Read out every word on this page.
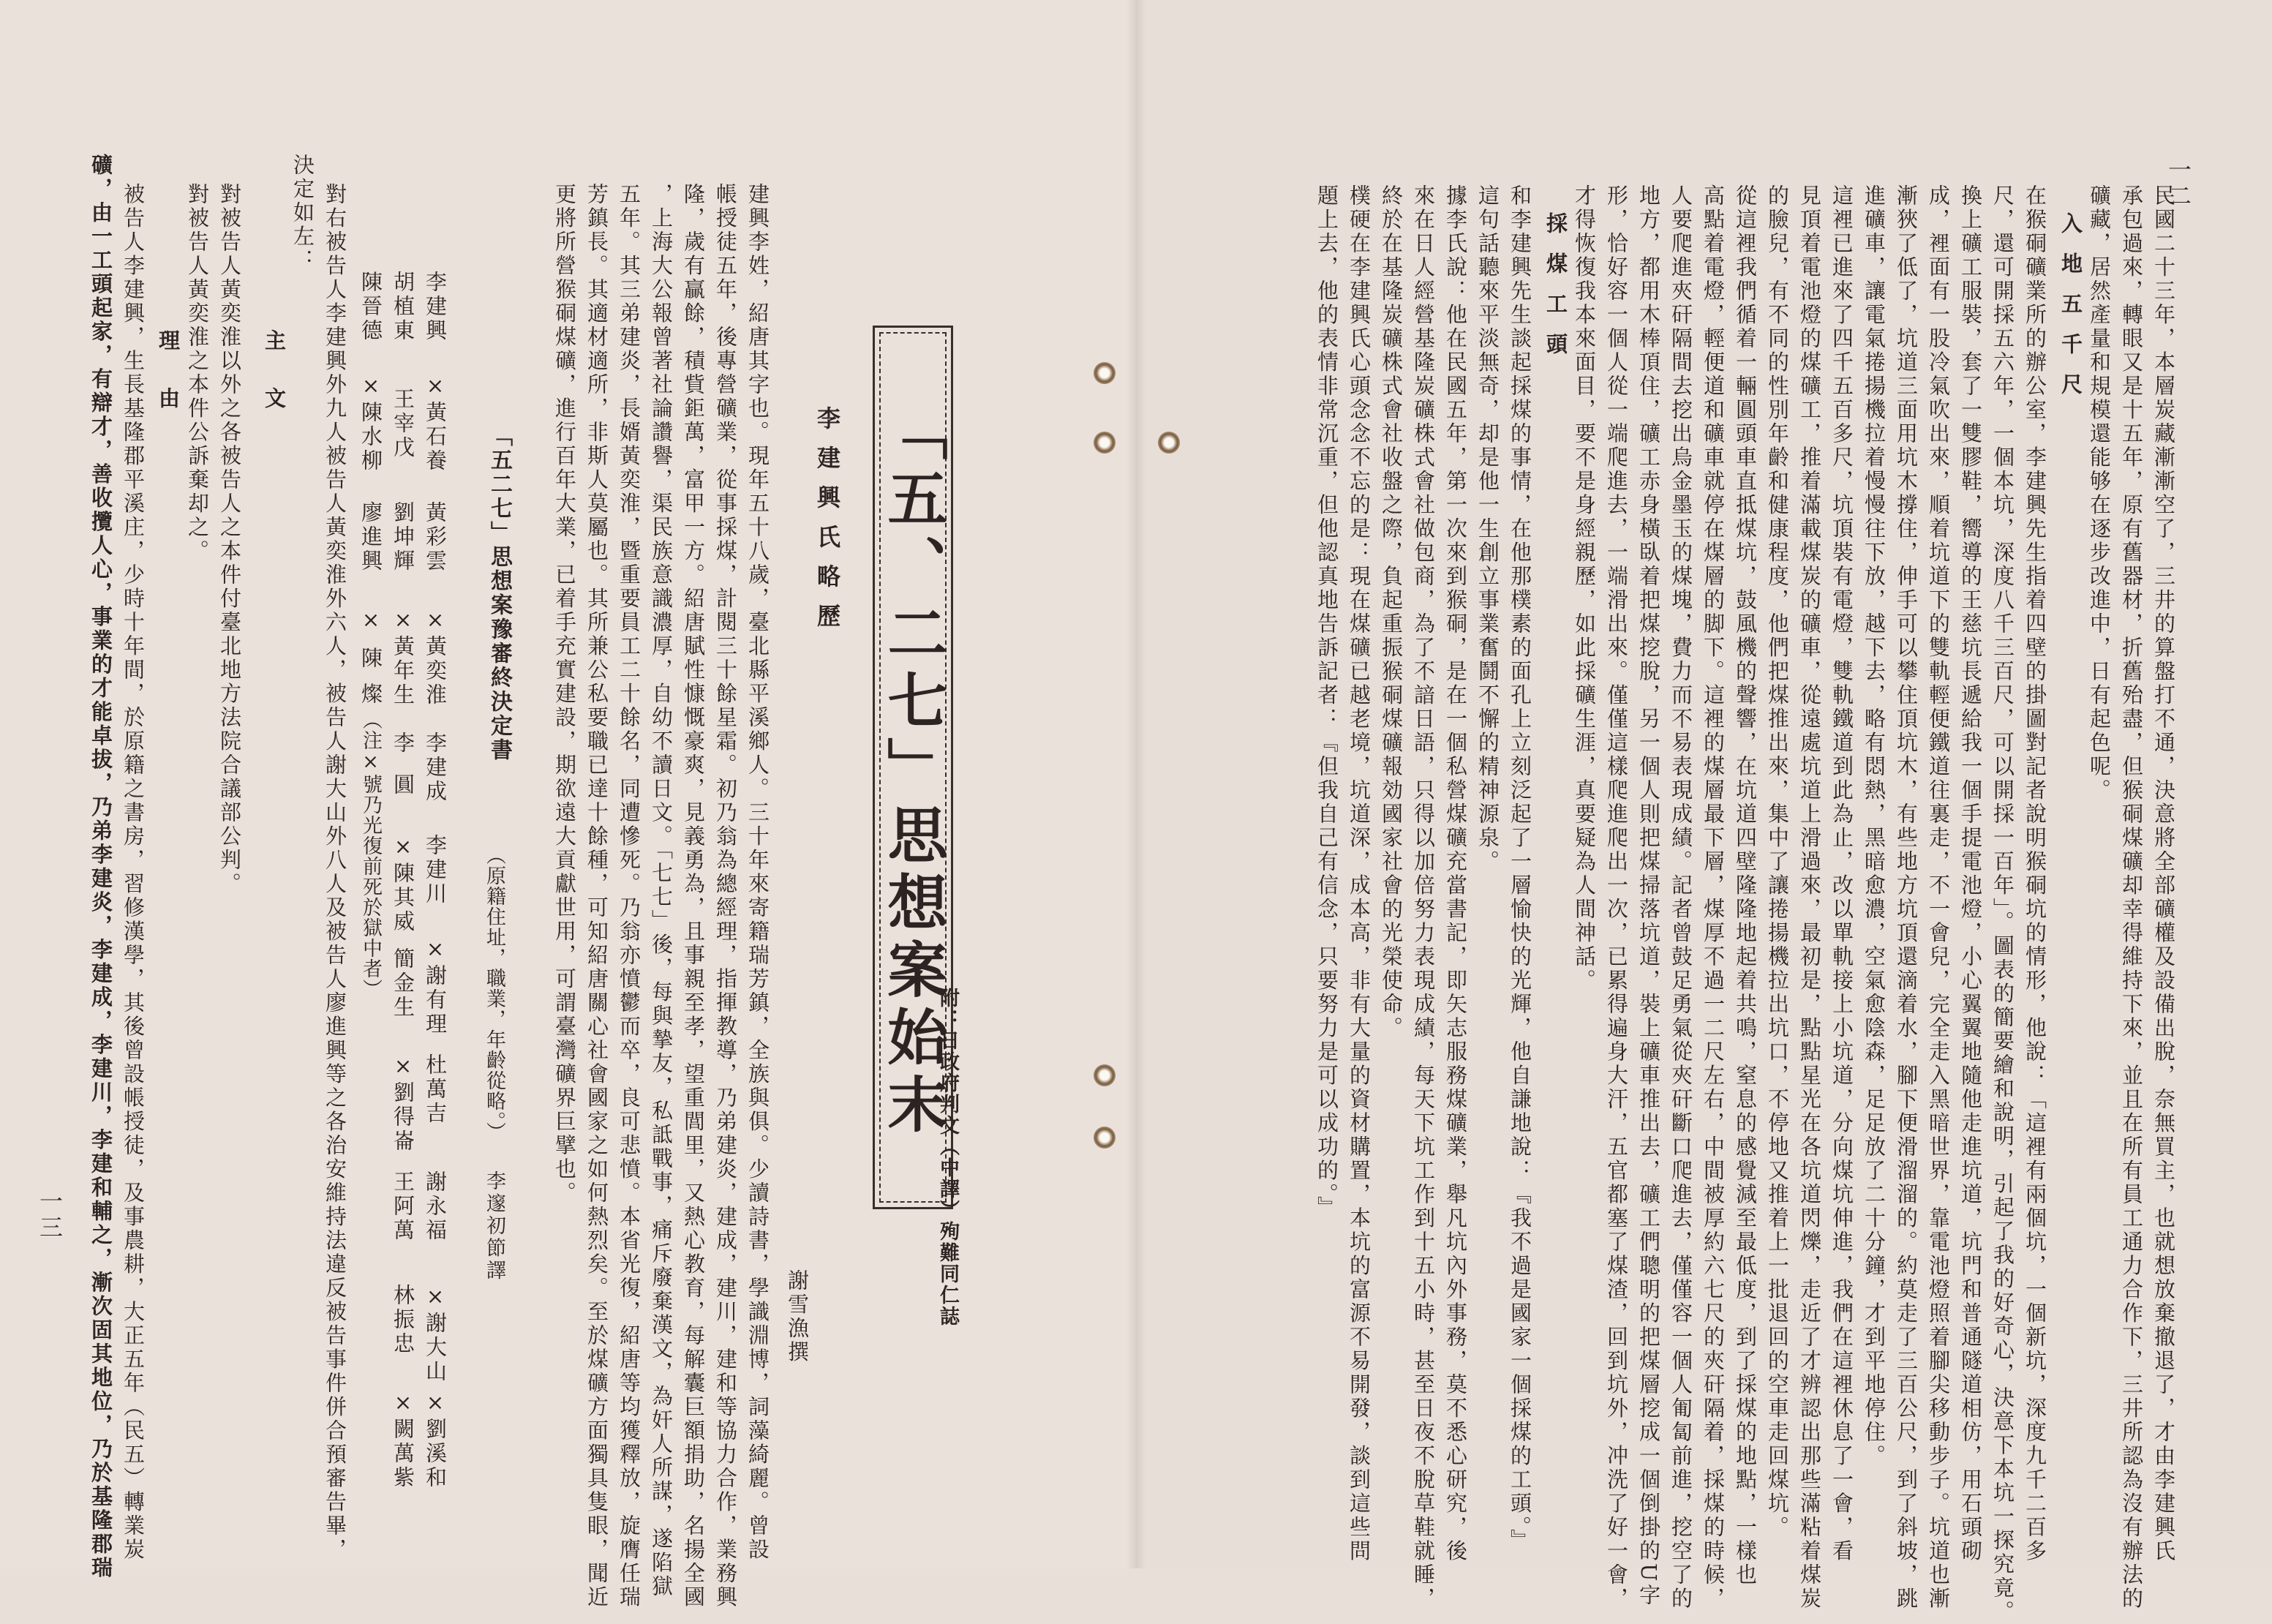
一二
一三	民國二十三年，本層炭藏漸漸空了，三井的算盤打不通，決意將全部礦權及設備出脫，奈無買主，也就想放棄撤退了，才由李建興氏
承包過來，轉眼又是十五年，原有舊器材，折舊殆盡，但猴硐煤礦却幸得維持下來，並且在所有員工通力合作下，三井所認為沒有辦法的
礦藏，居然產量和規模還能够在逐步改進中，日有起色呢。
入地五千尺
在猴硐礦業所的辦公室，李建興先生指着四壁的掛圖對記者說明猴硐坑的情形，他說：「這裡有兩個坑，一個新坑，深度九千二百多
尺，還可開採五六年，一個本坑，深度八千三百尺，可以開採一百年」。圖表的簡要繪和說明，引起了我的好奇心，決意下本坑一探究竟。
換上礦工服裝，套了一雙膠鞋，嚮導的王慈坑長遞給我一個手提電池燈，小心翼翼地隨他走進坑道，坑門和普通隧道相仿，用石頭砌
成，裡面有一股冷氣吹出來，順着坑道下的雙軌輕便鐵道往裏走，不一會兒，完全走入黑暗世界，靠電池燈照着腳尖移動步子。坑道也漸
漸狹了低了，坑道三面用坑木撐住，伸手可以攀住頂坑木，有些地方坑頂還滴着水，腳下便滑溜溜的。約莫走了三百公尺，到了斜坡，跳
進礦車，讓電氣捲揚機拉着慢慢往下放，越下去，略有悶熱，黑暗愈濃，空氣愈陰森，足足放了二十分鐘，才到平地停住。
這裡已進來了四千五百多尺，坑頂裝有電燈，雙軌鐵道到此為止，改以單軌接上小坑道，分向煤坑伸進，我們在這裡休息了一會，看
見頂着電池燈的煤礦工，推着滿載煤炭的礦車，從遠處坑道上滑過來，最初是，點點星光在各坑道閃爍，走近了才辨認出那些滿粘着煤炭
的臉兒，有不同的性別年齡和健康程度，他們把煤推出來，集中了讓捲揚機拉出坑口，不停地又推着上一批退回的空車走回煤坑。
從這裡我們循着一輛圓頭車直抵煤坑，鼓風機的聲響，在坑道四壁隆隆地起着共鳴，窒息的感覺減至最低度，到了採煤的地點，一樣也
高點着電燈，輕便道和礦車就停在煤層的脚下。這裡的煤層最下層，煤厚不過一二尺左右，中間被厚約六七尺的夾矸隔着，採煤的時候，
人要爬進夾矸隔間去挖出烏金墨玉的煤塊，費力而不易表現成績。記者曾鼓足勇氣從夾矸斷口爬進去，僅僅容一個人匍匐前進，挖空了的
地方，都用木棒頂住，礦工赤身橫臥着把煤挖脫，另一個人則把煤掃落坑道，裝上礦車推出去，礦工們聰明的把煤層挖成一個倒掛的U字
形，恰好容一個人從一端爬進去，一端滑出來。僅僅這樣爬進爬出一次，已累得遍身大汗，五官都塞了煤渣，回到坑外，冲洗了好一會，
才得恢復我本來面目，要不是身經親歷，如此採礦生涯，真要疑為人間神話。
採煤工頭
和李建興先生談起採煤的事情，在他那樸素的面孔上立刻泛起了一層愉快的光輝，他自謙地說：『我不過是國家一個採煤的工頭。』
這句話聽來平淡無奇，却是他一生創立事業奮鬪不懈的精神源泉。
據李氏說：他在民國五年，第一次來到猴硐，是在一個私營煤礦充當書記，即矢志服務煤礦業，舉凡坑內外事務，莫不悉心研究，後
來在日人經營基隆炭礦株式會社做包商，為了不諳日語，只得以加倍努力表現成績，每天下坑工作到十五小時，甚至日夜不脫草鞋就睡，
終於在基隆炭礦株式會社收盤之際，負起重振猴硐煤礦報効國家社會的光榮使命。
樸硬在李建興氏心頭念念不忘的是：現在煤礦已越老境，坑道深，成本高，非有大量的資材購置，本坑的富源不易開發，談到這些問
題上去，他的表情非常沉重，但他認真地告訴記者：『但我自己有信念，只要努力是可以成功的。』
「五、二七」思想案始末
附：日政府判文（中譯）殉難同仁誌
李建興氏略歷
謝雪漁撰
建興李姓，紹唐其字也。現年五十八歲，臺北縣平溪鄉人。三十年來寄籍瑞芳鎮，全族與俱。少讀詩書，學識淵博，詞藻綺麗。曾設
帳授徒五年，後專營礦業，從事採煤，計閱三十餘星霜。初乃翁為總經理，指揮教導，乃弟建炎，建成，建川，建和等協力合作，業務興
隆，歲有贏餘，積貲鉅萬，富甲一方。紹唐賦性慷慨豪爽，見義勇為，且事親至孝，望重閭里，又熱心教育，每解囊巨額捐助，名揚全國
，上海大公報曾著社論讚譽，渠民族意識濃厚，自幼不讀日文。「七七」後，每與摯友，私詆戰事，痛斥廢棄漢文，為奸人所謀，遂陷獄
五年。其三弟建炎，長婿黃奕淮，暨重要員工二十餘名，同遭慘死。乃翁亦憤鬱而卒，良可悲憤。本省光復，紹唐等均獲釋放，旋膺任瑞
芳鎮長。其適材適所，非斯人莫屬也。其所兼公私要職已達十餘種，可知紹唐關心社會國家之如何熱烈矣。至於煤礦方面獨具隻眼，聞近
更將所營猴硐煤礦，進行百年大業，已着手充實建設，期欲遠大貢獻世用，可謂臺灣礦界巨擘也。
「五二七」思想案豫審終決定書
（原籍住址，職業，年齡從略。）
李邃初節譯
李建興
×黃石養
黃彩雲
×黃奕淮
李建成
李建川
×謝有理
杜萬吉
謝永福
×謝大山
×劉溪和
胡植東
王宰戊
劉坤輝
×黃年生
李圓
×陳其威
簡金生
×劉得崙
王阿萬
林振忠
×闕萬紫
陳晉德
×陳水柳
廖進興
×陳燦
（注×號乃光復前死於獄中者）
對右被告人李建興外九人被告人黃奕淮外六人，被告人謝大山外八人及被告人廖進興等之各治安維持法違反被告事件併合預審告畢，
決定如左：
主文
對被告人黃奕淮以外之各被告人之本件付臺北地方法院合議部公判。
對被告人黃奕淮之本件公訴棄却之。
理由
被告人李建興，生長基隆郡平溪庄，少時十年間，於原籍之書房，習修漢學，其後曾設帳授徒，及事農耕，大正五年（民五）轉業炭
礦，由一工頭起家，有辯才，善收攬人心，事業的才能卓拔，乃弟李建炎，李建成，李建川，李建和輔之，漸次固其地位，乃於基隆郡瑞
